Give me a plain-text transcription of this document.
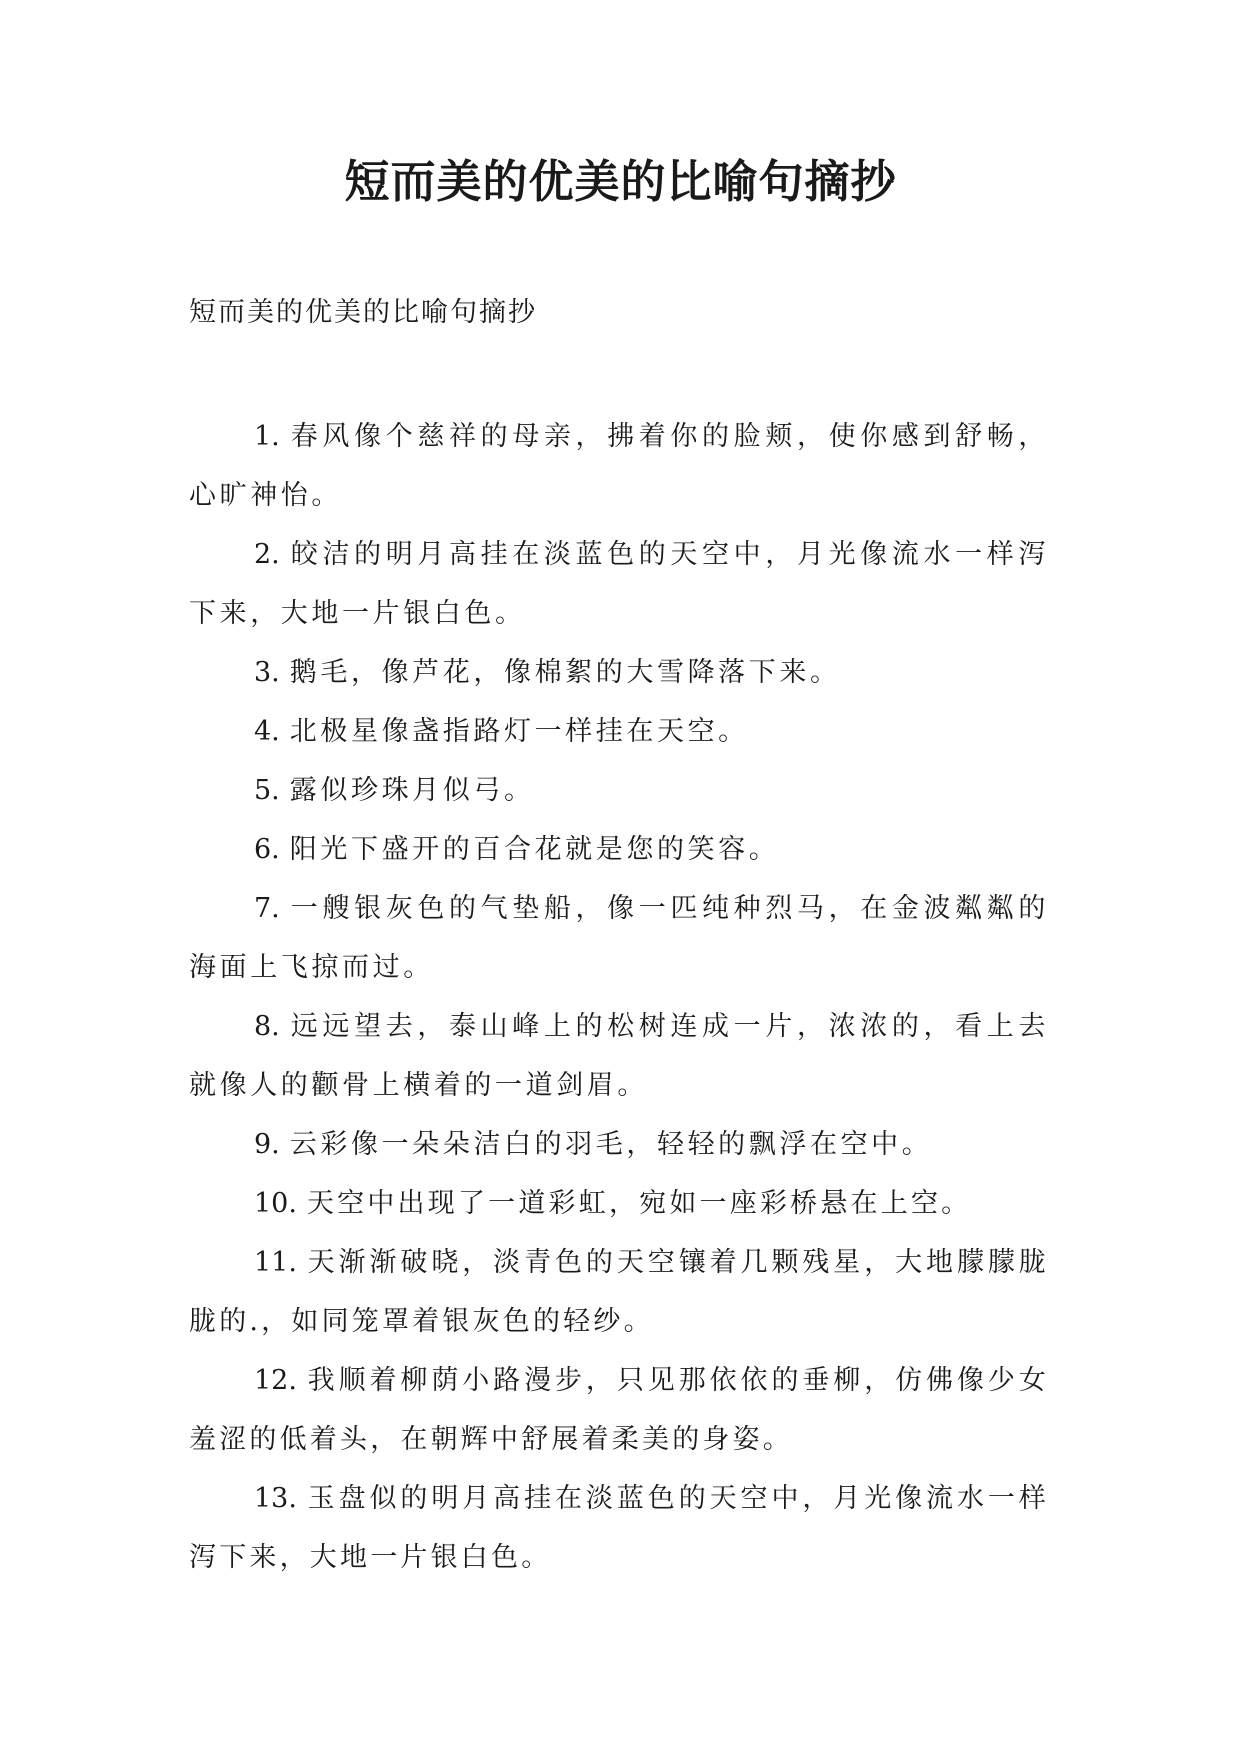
短而美的优美的比喻句摘抄
短而美的优美的比喻句摘抄

1. 春风像个慈祥的母亲，拂着你的脸颊，使你感到舒畅，心旷神怡。

2. 皎洁的明月高挂在淡蓝色的天空中，月光像流水一样泻下来，大地一片银白色。

3. 鹅毛，像芦花，像棉絮的大雪降落下来。

4. 北极星像盏指路灯一样挂在天空。

5. 露似珍珠月似弓。

6. 阳光下盛开的百合花就是您的笑容。

7. 一艘银灰色的气垫船，像一匹纯种烈马，在金波粼粼的海面上飞掠而过。

8. 远远望去，泰山峰上的松树连成一片，浓浓的，看上去就像人的颧骨上横着的一道剑眉。

9. 云彩像一朵朵洁白的羽毛，轻轻的飘浮在空中。

10. 天空中出现了一道彩虹，宛如一座彩桥悬在上空。

11. 天渐渐破晓，淡青色的天空镶着几颗残星，大地朦朦胧胧的.，如同笼罩着银灰色的轻纱。

12. 我顺着柳荫小路漫步，只见那依依的垂柳，仿佛像少女羞涩的低着头，在朝辉中舒展着柔美的身姿。

13. 玉盘似的明月高挂在淡蓝色的天空中，月光像流水一样泻下来，大地一片银白色。
